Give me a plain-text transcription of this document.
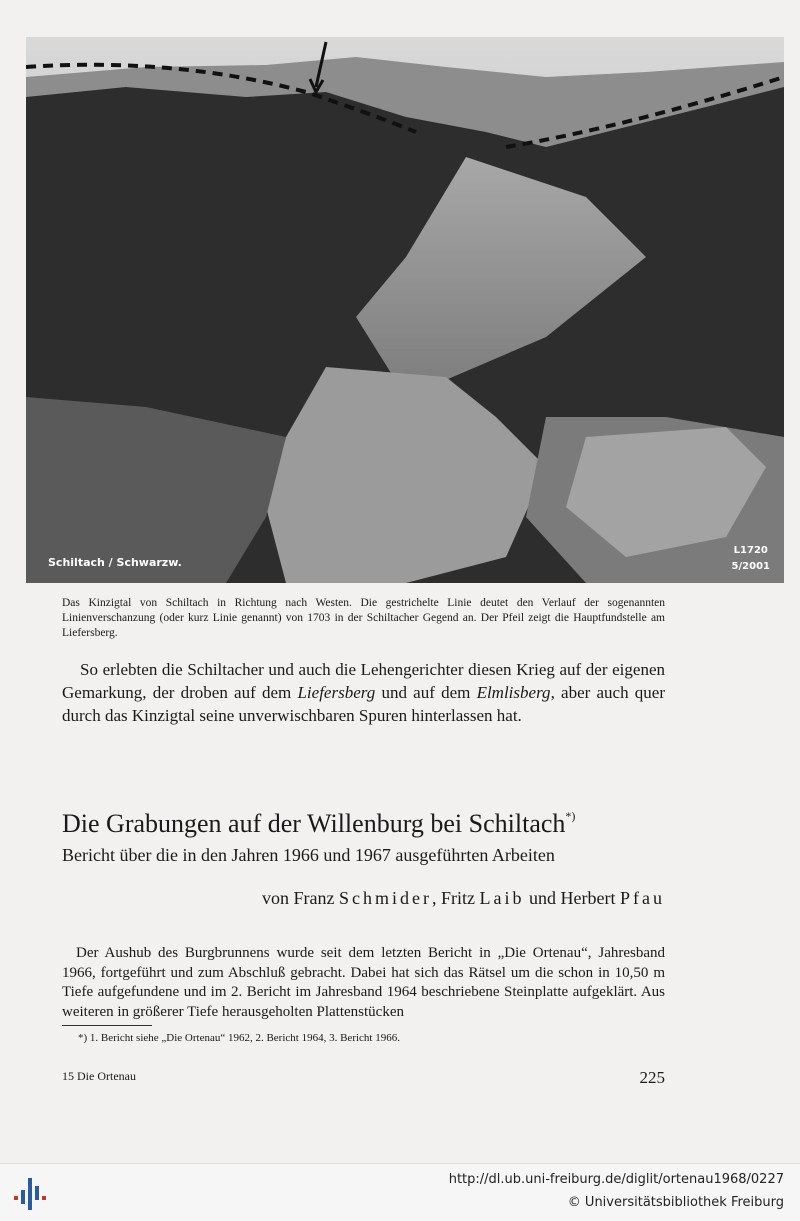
Schiltach / Schwarzw.
L1720
5/2001
Das Kinzigtal von Schiltach in Richtung nach Westen. Die gestrichelte Linie deutet den Verlauf der sogenannten Linienverschanzung (oder kurz Linie genannt) von 1703 in der Schiltacher Gegend an. Der Pfeil zeigt die Hauptfundstelle am Liefersberg.
So erlebten die Schiltacher und auch die Lehengerichter diesen Krieg auf der eigenen Gemarkung, der droben auf dem Liefersberg und auf dem Elmlisberg, aber auch quer durch das Kinzigtal seine unverwischbaren Spuren hinterlassen hat.
Die Grabungen auf der Willenburg bei Schiltach*)
Bericht über die in den Jahren 1966 und 1967 ausgeführten Arbeiten
von Franz Schmider, Fritz Laib und Herbert Pfau
Der Aushub des Burgbrunnens wurde seit dem letzten Bericht in „Die Ortenau“, Jahresband 1966, fortgeführt und zum Abschluß gebracht. Dabei hat sich das Rätsel um die schon in 10,50 m Tiefe aufgefundene und im 2. Bericht im Jahresband 1964 beschriebene Steinplatte aufgeklärt. Aus weiteren in größerer Tiefe herausgeholten Plattenstücken
*) 1. Bericht siehe „Die Ortenau“ 1962, 2. Bericht 1964, 3. Bericht 1966.
15 Die Ortenau	225
http://dl.ub.uni-freiburg.de/diglit/ortenau1968/0227
© Universitätsbibliothek Freiburg
